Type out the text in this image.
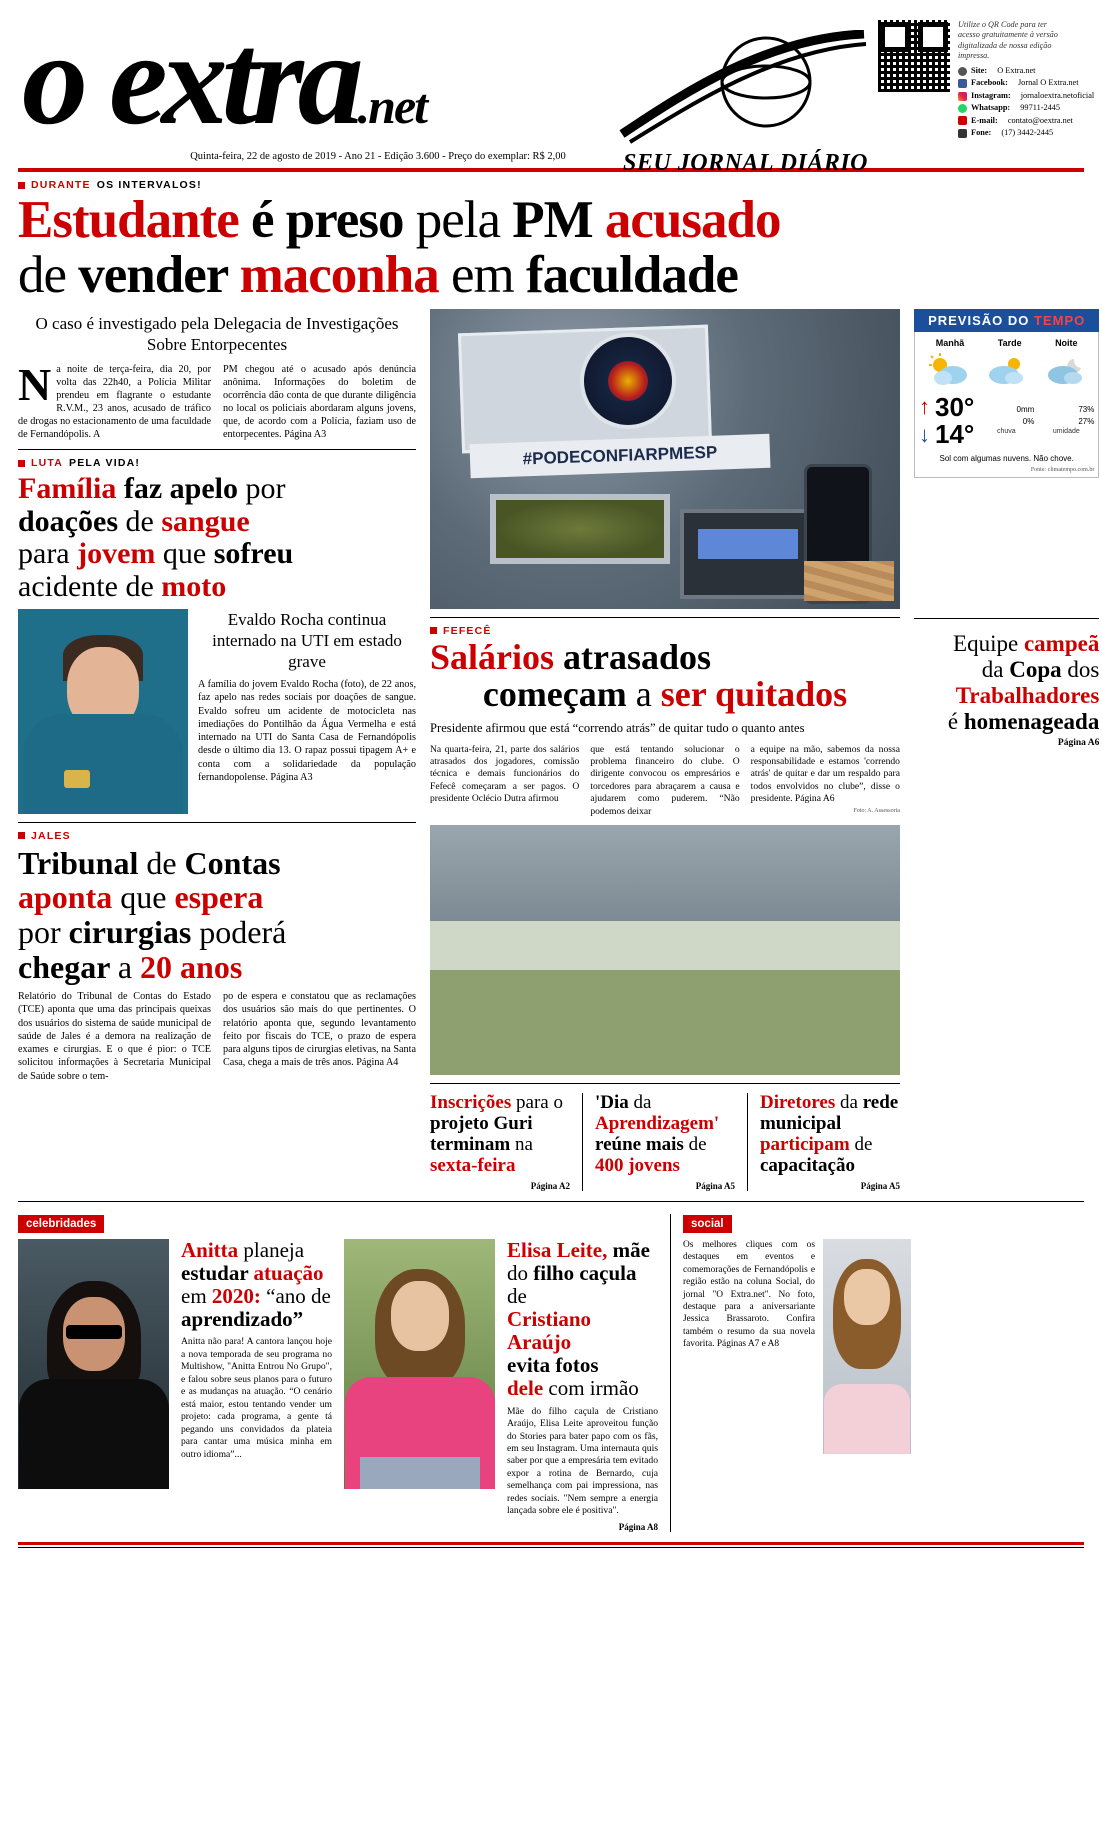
o extra.net
SEU JORNAL DIÁRIO
Quinta-feira, 22 de agosto de 2019 - Ano 21 - Edição 3.600 - Preço do exemplar: R$ 2,00
Utilize o QR Code para ter acesso gratuitamente à versão digitalizada de nossa edição impressa.
Site:
O Extra.net
Facebook:
Jornal O Extra.net
Instagram:
jornaloextra.netoficial
Whatsapp:
99711-2445
E-mail:
contato@oextra.net
Fone:
(17) 3442-2445
DURANTE OS INTERVALOS!
Estudante é preso pela PM acusado
de vender maconha em faculdade
O caso é investigado pela Delegacia de Investigações Sobre Entorpecentes

Na noite de terça-feira, dia 20, por volta das 22h40, a Polícia Militar prendeu em flagrante o estudante R.V.M., 23 anos, acusado de tráfico de drogas no estacionamento de uma faculdade de Fernandópolis. A

PM chegou até o acusado após denúncia anônima. Informações do boletim de ocorrência dão conta de que durante diligência no local os policiais abordaram alguns jovens, que, de acordo com a Polícia, faziam uso de entorpecentes. Página A3

LUTA PELA VIDA!
Família faz apelo por
doações de sangue
para jovem que sofreu
acidente de moto
Evaldo Rocha continua internado na UTI em estado grave
A família do jovem Evaldo Rocha (foto), de 22 anos, faz apelo nas redes sociais por doações de sangue. Evaldo sofreu um acidente de motocicleta nas imediações do Pontilhão da Água Vermelha e está internado na UTI do Santa Casa de Fernandópolis desde o último dia 13. O rapaz possui tipagem A+ e conta com a solidariedade da população fernandopolense. Página A3
JALES
Tribunal de Contas
aponta que espera
por cirurgias poderá
chegar a 20 anos

Relatório do Tribunal de Contas do Estado (TCE) aponta que uma das principais queixas dos usuários do sistema de saúde municipal de saúde de Jales é a demora na realização de exames e cirurgias. E o que é pior: o TCE solicitou informações à Secretaria Municipal de Saúde sobre o tem-

po de espera e constatou que as reclamações dos usuários são mais do que pertinentes. O relatório aponta que, segundo levantamento feito por fiscais do TCE, o prazo de espera para alguns tipos de cirurgias eletivas, na Santa Casa, chega a mais de três anos. Página A4

#PODECONFIARPMESP
FEFECÊ
Salários atrasados
começam a ser quitados
Presidente afirmou que está “correndo atrás” de quitar tudo o quanto antes
Na quarta-feira, 21, parte dos salários atrasados dos jogadores, comissão técnica e demais funcionários do Fefecê começaram a ser pagos. O presidente Oclécio Dutra afirmou
que está tentando solucionar o problema financeiro do clube. O dirigente convocou os empresários e torcedores para abraçarem a causa e ajudarem como puderem. “Não podemos deixar
a equipe na mão, sabemos da nossa responsabilidade e estamos 'correndo atrás' de quitar e dar um respaldo para todos envolvidos no clube”, disse o presidente. Página A6
Foto: A. Assessoria
Inscrições para o projeto Guri terminam na sexta-feira
Página A2
'Dia da Aprendizagem' reúne mais de 400 jovens
Página A5
Diretores da rede municipal participam de capacitação
Página A5
PREVISÃO DO TEMPO
Manhã	Tarde	Noite
↑ 30°
↓ 14°
0mm
0%
chuva
73%
27%
umidade
Sol com algumas nuvens. Não chove.
Fonte: climatempo.com.br
Equipe campeã
da Copa dos
Trabalhadores
é homenageada
Página A6
celebridades
Anitta planeja
estudar atuação
em 2020: “ano de
aprendizado”

Anitta não para! A cantora lançou hoje a nova temporada de seu programa no Multishow, "Anitta Entrou No Grupo", e falou sobre seus planos para o futuro e as mudanças na atuação. “O cenário está maior, estou tentando vender um projeto: cada programa, a gente tá pegando uns convidados da plateia para cantar uma música minha em outro idioma”...

Elisa Leite, mãe
do filho caçula de
Cristiano Araújo
evita fotos
dele com irmão

Mãe do filho caçula de Cristiano Araújo, Elisa Leite aproveitou função do Stories para bater papo com os fãs, em seu Instagram. Uma internauta quis saber por que a empresária tem evitado expor a rotina de Bernardo, cuja semelhança com pai impressiona, nas redes sociais. "Nem sempre a energia lançada sobre ele é positiva".

Página A8
social
Os melhores cliques com os destaques em eventos e comemorações de Fernandópolis e região estão na coluna Social, do jornal "O Extra.net". No foto, destaque para a aniversariante Jessica Brassaroto. Confira também o resumo da sua novela favorita. Páginas A7 e A8
